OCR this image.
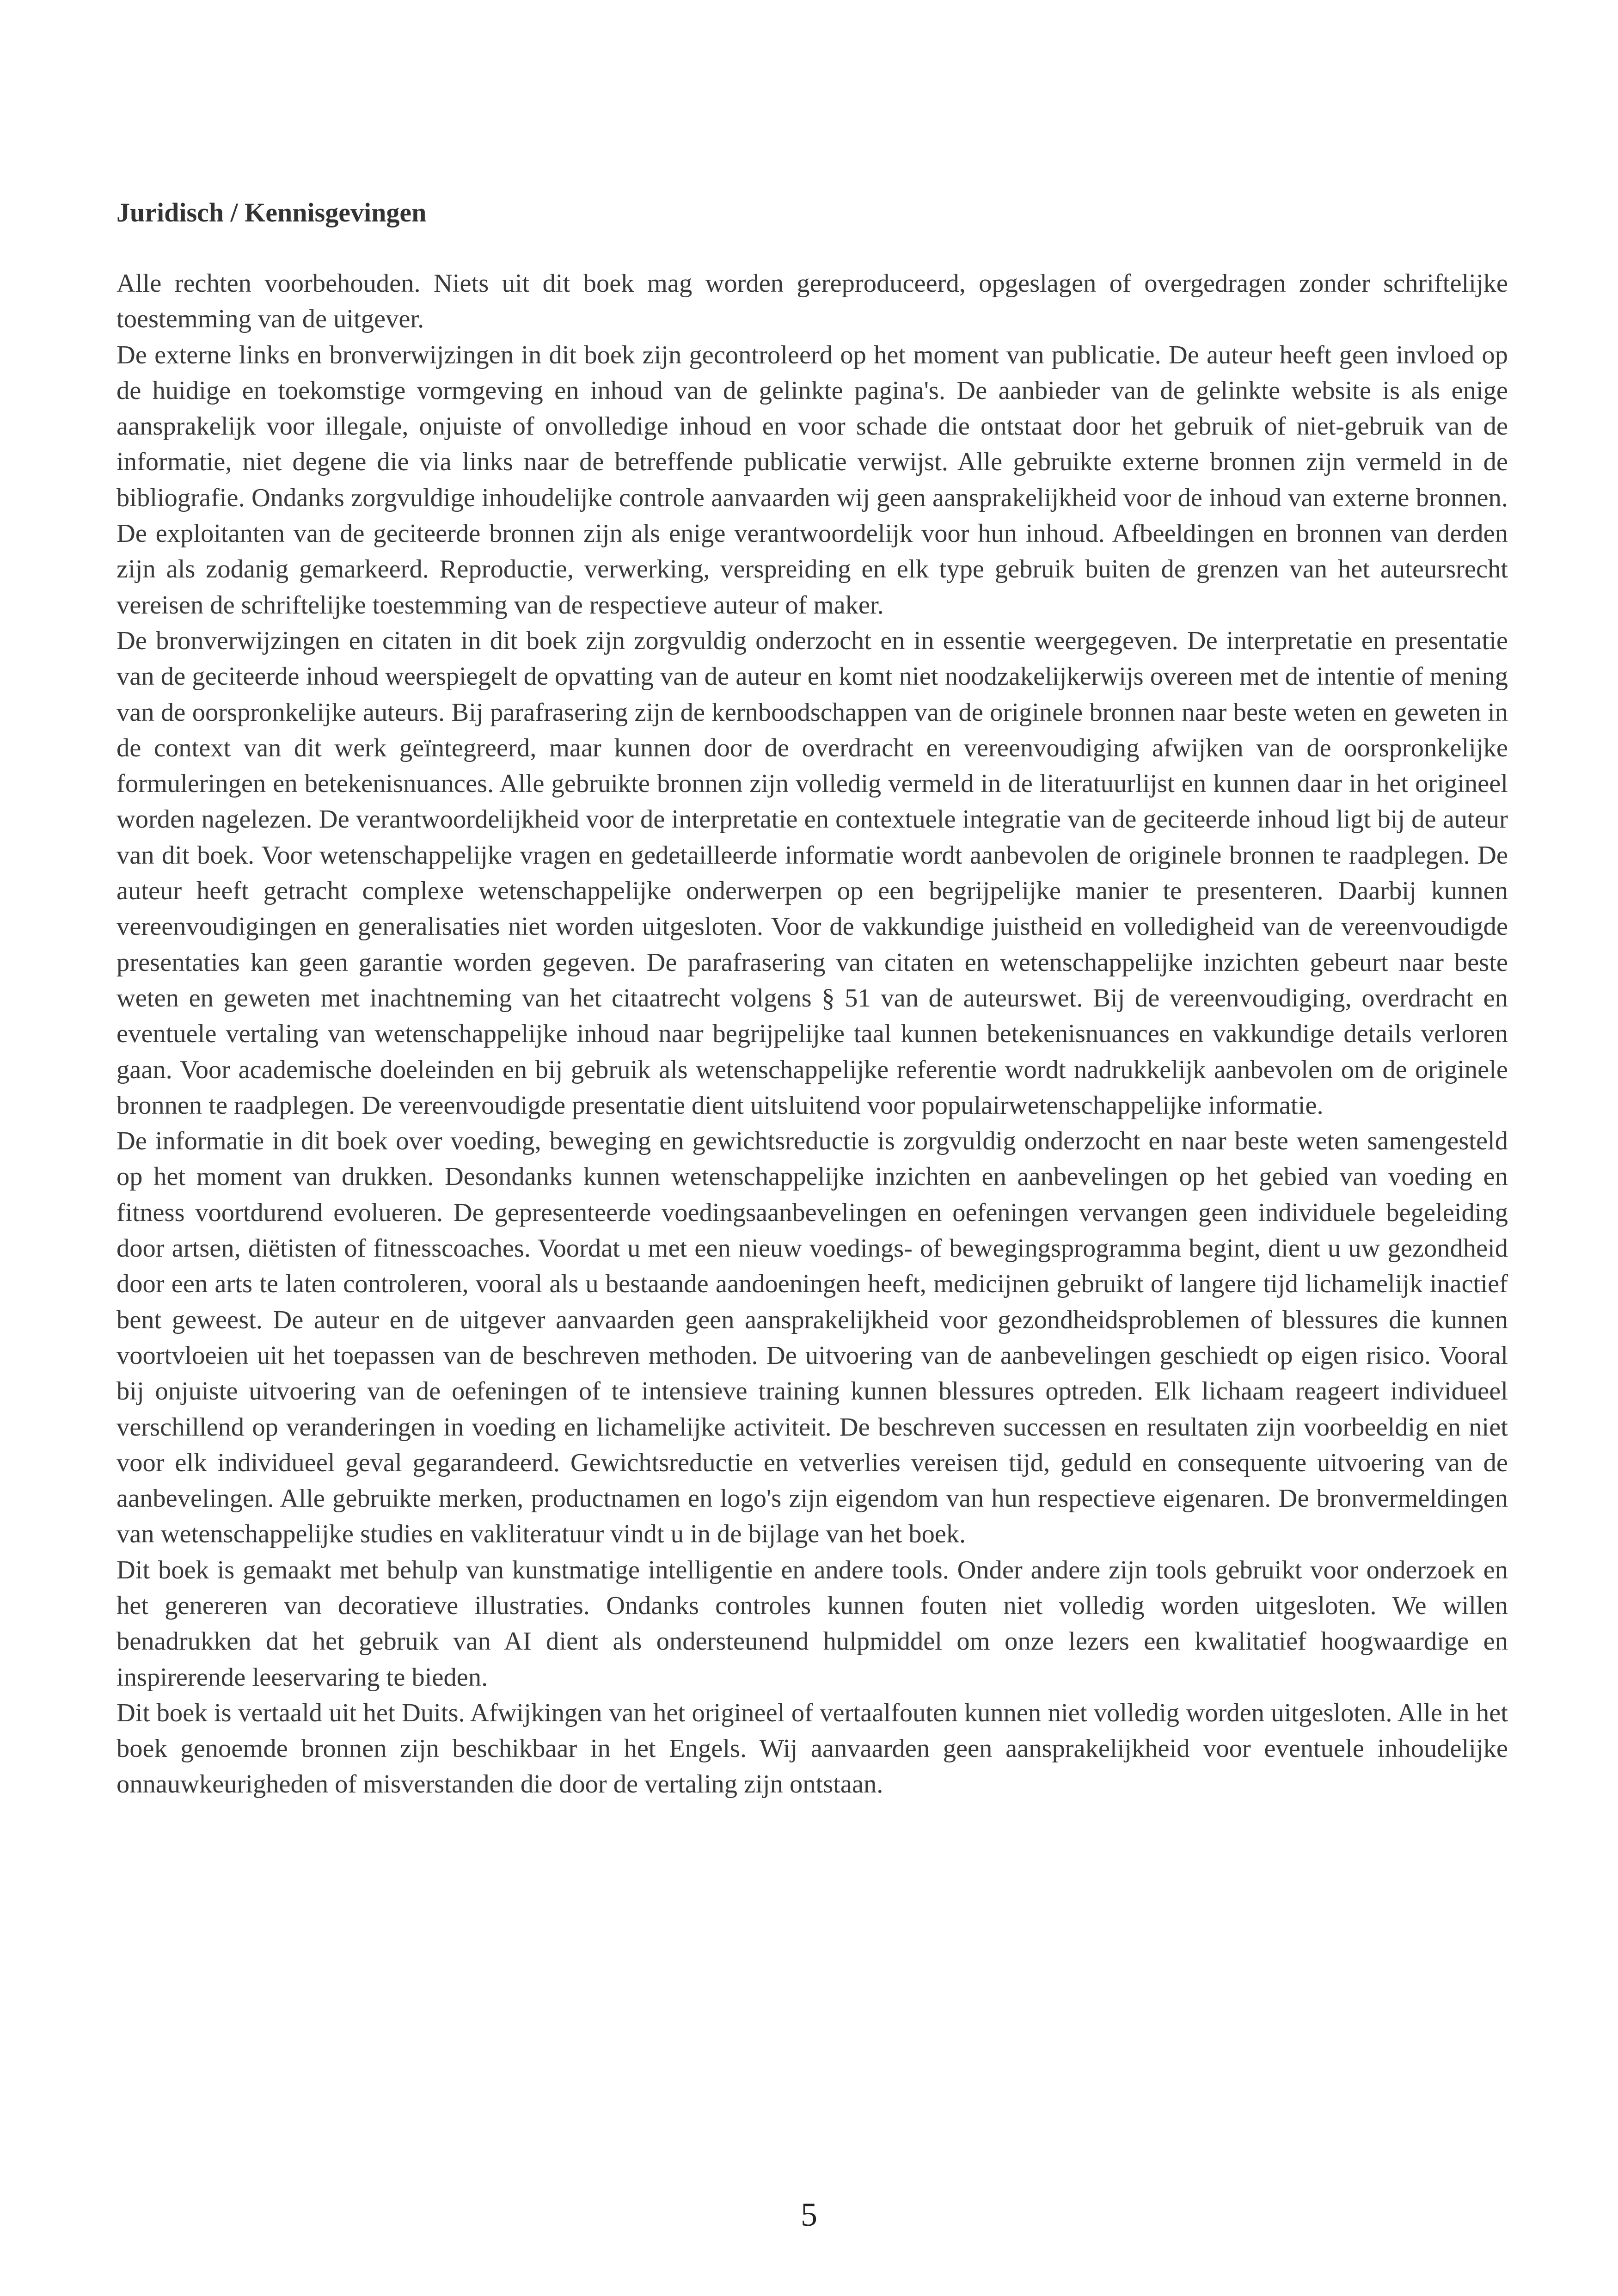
Juridisch / Kennisgevingen

Alle rechten voorbehouden. Niets uit dit boek mag worden gereproduceerd, opgeslagen of overgedragen zonder schriftelijke toestemming van de uitgever.

De externe links en bronverwijzingen in dit boek zijn gecontroleerd op het moment van publicatie. De auteur heeft geen invloed op de huidige en toekomstige vormgeving en inhoud van de gelinkte pagina's. De aanbieder van de gelinkte website is als enige aansprakelijk voor illegale, onjuiste of onvolledige inhoud en voor schade die ontstaat door het gebruik of niet-gebruik van de informatie, niet degene die via links naar de betreffende publicatie verwijst. Alle gebruikte externe bronnen zijn vermeld in de bibliografie. Ondanks zorgvuldige inhoudelijke controle aanvaarden wij geen aansprakelijkheid voor de inhoud van externe bronnen. De exploitanten van de geciteerde bronnen zijn als enige verantwoordelijk voor hun inhoud. Afbeeldingen en bronnen van derden zijn als zodanig gemarkeerd. Reproductie, verwerking, verspreiding en elk type gebruik buiten de grenzen van het auteursrecht vereisen de schriftelijke toestemming van de respectieve auteur of maker.

De bronverwijzingen en citaten in dit boek zijn zorgvuldig onderzocht en in essentie weergegeven. De interpretatie en presentatie van de geciteerde inhoud weerspiegelt de opvatting van de auteur en komt niet noodzakelijkerwijs overeen met de intentie of mening van de oorspronkelijke auteurs. Bij parafrasering zijn de kernboodschappen van de originele bronnen naar beste weten en geweten in de context van dit werk geïntegreerd, maar kunnen door de overdracht en vereenvoudiging afwijken van de oorspronkelijke formuleringen en betekenisnuances. Alle gebruikte bronnen zijn volledig vermeld in de literatuurlijst en kunnen daar in het origineel worden nagelezen. De verantwoordelijkheid voor de interpretatie en contextuele integratie van de geciteerde inhoud ligt bij de auteur van dit boek. Voor wetenschappelijke vragen en gedetailleerde informatie wordt aanbevolen de originele bronnen te raadplegen. De auteur heeft getracht complexe wetenschappelijke onderwerpen op een begrijpelijke manier te presenteren. Daarbij kunnen vereenvoudigingen en generalisaties niet worden uitgesloten. Voor de vakkundige juistheid en volledigheid van de vereenvoudigde presentaties kan geen garantie worden gegeven. De parafrasering van citaten en wetenschappelijke inzichten gebeurt naar beste weten en geweten met inachtneming van het citaatrecht volgens § 51 van de auteurswet. Bij de vereenvoudiging, overdracht en eventuele vertaling van wetenschappelijke inhoud naar begrijpelijke taal kunnen betekenisnuances en vakkundige details verloren gaan. Voor academische doeleinden en bij gebruik als wetenschappelijke referentie wordt nadrukkelijk aanbevolen om de originele bronnen te raadplegen. De vereenvoudigde presentatie dient uitsluitend voor populairwetenschappelijke informatie.

De informatie in dit boek over voeding, beweging en gewichtsreductie is zorgvuldig onderzocht en naar beste weten samengesteld op het moment van drukken. Desondanks kunnen wetenschappelijke inzichten en aanbevelingen op het gebied van voeding en fitness voortdurend evolueren. De gepresenteerde voedingsaanbevelingen en oefeningen vervangen geen individuele begeleiding door artsen, diëtisten of fitnesscoaches. Voordat u met een nieuw voedings- of bewegingsprogramma begint, dient u uw gezondheid door een arts te laten controleren, vooral als u bestaande aandoeningen heeft, medicijnen gebruikt of langere tijd lichamelijk inactief bent geweest. De auteur en de uitgever aanvaarden geen aansprakelijkheid voor gezondheidsproblemen of blessures die kunnen voortvloeien uit het toepassen van de beschreven methoden. De uitvoering van de aanbevelingen geschiedt op eigen risico. Vooral bij onjuiste uitvoering van de oefeningen of te intensieve training kunnen blessures optreden. Elk lichaam reageert individueel verschillend op veranderingen in voeding en lichamelijke activiteit. De beschreven successen en resultaten zijn voorbeeldig en niet voor elk individueel geval gegarandeerd. Gewichtsreductie en vetverlies vereisen tijd, geduld en consequente uitvoering van de aanbevelingen. Alle gebruikte merken, productnamen en logo's zijn eigendom van hun respectieve eigenaren. De bronvermeldingen van wetenschappelijke studies en vakliteratuur vindt u in de bijlage van het boek.

Dit boek is gemaakt met behulp van kunstmatige intelligentie en andere tools. Onder andere zijn tools gebruikt voor onderzoek en het genereren van decoratieve illustraties. Ondanks controles kunnen fouten niet volledig worden uitgesloten. We willen benadrukken dat het gebruik van AI dient als ondersteunend hulpmiddel om onze lezers een kwalitatief hoogwaardige en inspirerende leeservaring te bieden.

Dit boek is vertaald uit het Duits. Afwijkingen van het origineel of vertaalfouten kunnen niet volledig worden uitgesloten. Alle in het boek genoemde bronnen zijn beschikbaar in het Engels. Wij aanvaarden geen aansprakelijkheid voor eventuele inhoudelijke onnauwkeurigheden of misverstanden die door de vertaling zijn ontstaan.

5
